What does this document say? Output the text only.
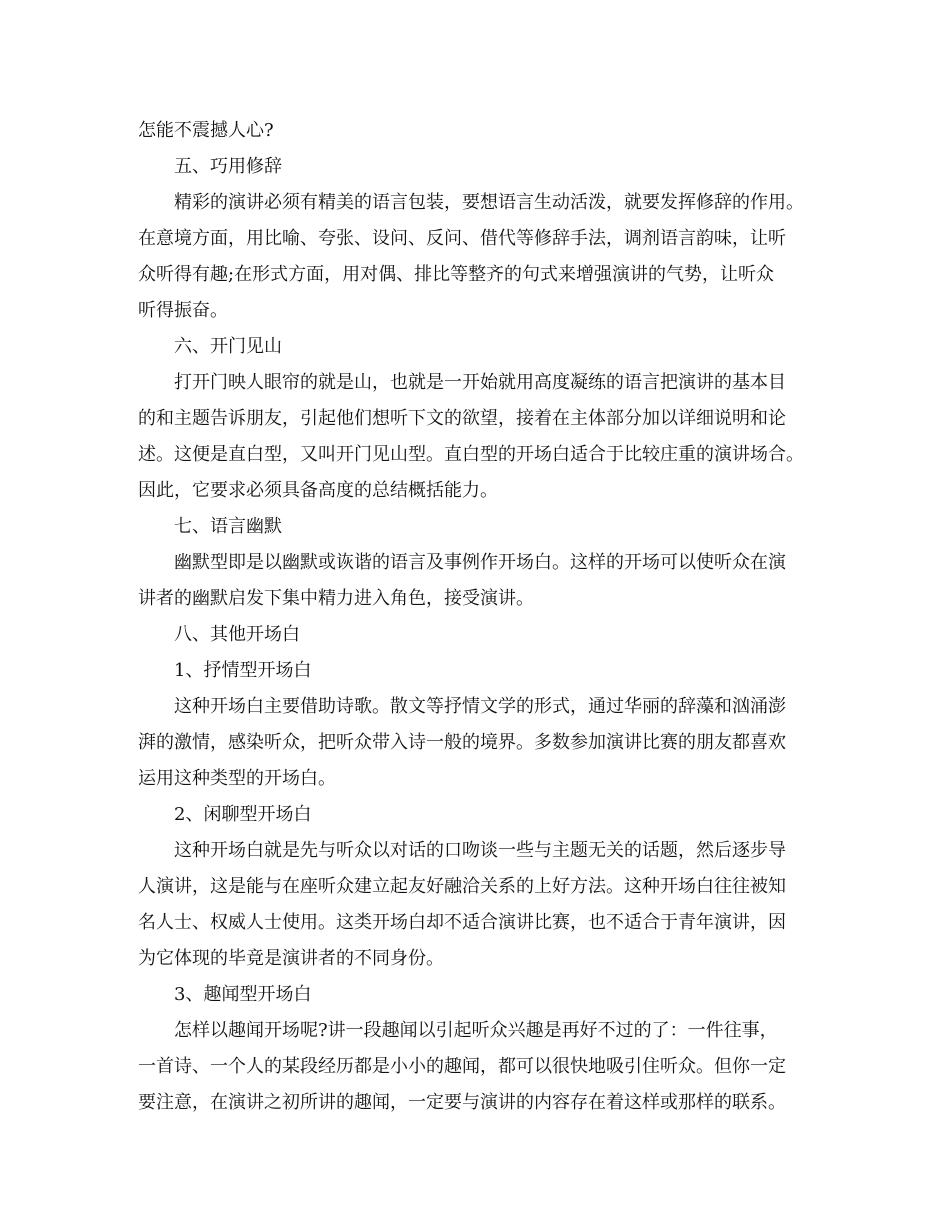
怎能不震撼人心?
五、巧用修辞
精彩的演讲必须有精美的语言包装，要想语言生动活泼，就要发挥修辞的作用。
在意境方面，用比喻、夸张、设问、反问、借代等修辞手法，调剂语言韵味，让听
众听得有趣;在形式方面，用对偶、排比等整齐的句式来增强演讲的气势，让听众
听得振奋。
六、开门见山
打开门映人眼帘的就是山，也就是一开始就用高度凝练的语言把演讲的基本目
的和主题告诉朋友，引起他们想听下文的欲望，接着在主体部分加以详细说明和论
述。这便是直白型，又叫开门见山型。直白型的开场白适合于比较庄重的演讲场合。
因此，它要求必须具备高度的总结概括能力。
七、语言幽默
幽默型即是以幽默或诙谐的语言及事例作开场白。这样的开场可以使听众在演
讲者的幽默启发下集中精力进入角色，接受演讲。
八、其他开场白
1、抒情型开场白
这种开场白主要借助诗歌。散文等抒情文学的形式，通过华丽的辞藻和汹涌澎
湃的激情，感染听众，把听众带入诗一般的境界。多数参加演讲比赛的朋友都喜欢
运用这种类型的开场白。
2、闲聊型开场白
这种开场白就是先与听众以对话的口吻谈一些与主题无关的话题，然后逐步导
人演讲，这是能与在座听众建立起友好融洽关系的上好方法。这种开场白往往被知
名人士、权威人士使用。这类开场白却不适合演讲比赛，也不适合于青年演讲，因
为它体现的毕竟是演讲者的不同身份。
3、趣闻型开场白
怎样以趣闻开场呢?讲一段趣闻以引起听众兴趣是再好不过的了：一件往事，
一首诗、一个人的某段经历都是小小的趣闻，都可以很快地吸引住听众。但你一定
要注意，在演讲之初所讲的趣闻，一定要与演讲的内容存在着这样或那样的联系。
